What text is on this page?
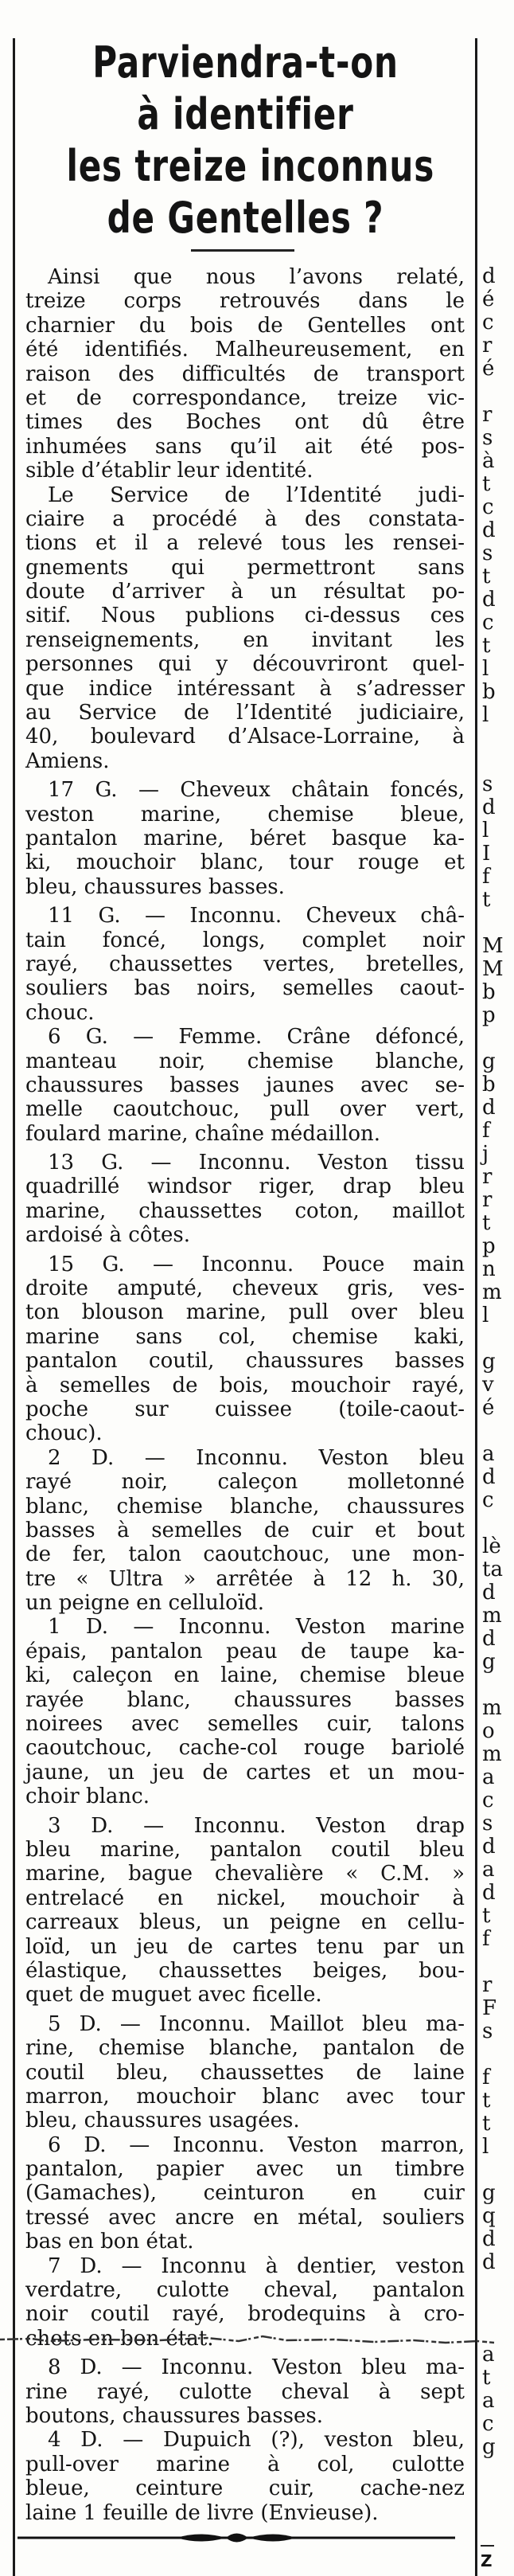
Parviendra-t-on
à identifier
les treize inconnus
de Gentelles ?
Ainsi que nous l’avons relaté,
treize corps retrouvés dans le
charnier du bois de Gentelles ont
été identifiés. Malheureusement, en
raison des difficultés de transport
et de correspondance, treize vic-
times des Boches ont dû être
inhumées sans qu’il ait été pos-
sible d’établir leur identité.
Le Service de l’Identité judi-
ciaire a procédé à des constata-
tions et il a relevé tous les rensei-
gnements qui permettront sans
doute d’arriver à un résultat po-
sitif. Nous publions ci-dessus ces
renseignements, en invitant les
personnes qui y découvriront quel-
que indice intéressant à s’adresser
au Service de l’Identité judiciaire,
40, boulevard d’Alsace-Lorraine, à
Amiens.
17 G. — Cheveux châtain foncés,
veston marine, chemise bleue,
pantalon marine, béret basque ka-
ki, mouchoir blanc, tour rouge et
bleu, chaussures basses.
11 G. — Inconnu. Cheveux châ-
tain foncé, longs, complet noir
rayé, chaussettes vertes, bretelles,
souliers bas noirs, semelles caout-
chouc.
6 G. — Femme. Crâne défoncé,
manteau noir, chemise blanche,
chaussures basses jaunes avec se-
melle caoutchouc, pull over vert,
foulard marine, chaîne médaillon.
13 G. — Inconnu. Veston tissu
quadrillé windsor riger, drap bleu
marine, chaussettes coton, maillot
ardoisé à côtes.
15 G. — Inconnu. Pouce main
droite amputé, cheveux gris, ves-
ton blouson marine, pull over bleu
marine sans col, chemise kaki,
pantalon coutil, chaussures basses
à semelles de bois, mouchoir rayé,
poche sur cuissee (toile-caout-
chouc).
2 D. — Inconnu. Veston bleu
rayé noir, caleçon molletonné
blanc, chemise blanche, chaussures
basses à semelles de cuir et bout
de fer, talon caoutchouc, une mon-
tre « Ultra » arrêtée à 12 h. 30,
un peigne en celluloïd.
1 D. — Inconnu. Veston marine
épais, pantalon peau de taupe ka-
ki, caleçon en laine, chemise bleue
rayée blanc, chaussures basses
noirees avec semelles cuir, talons
caoutchouc, cache-col rouge bariolé
jaune, un jeu de cartes et un mou-
choir blanc.
3 D. — Inconnu. Veston drap
bleu marine, pantalon coutil bleu
marine, bague chevalière « C.M. »
entrelacé en nickel, mouchoir à
carreaux bleus, un peigne en cellu-
loïd, un jeu de cartes tenu par un
élastique, chaussettes beiges, bou-
quet de muguet avec ficelle.
5 D. — Inconnu. Maillot bleu ma-
rine, chemise blanche, pantalon de
coutil bleu, chaussettes de laine
marron, mouchoir blanc avec tour
bleu, chaussures usagées.
6 D. — Inconnu. Veston marron,
pantalon, papier avec un timbre
(Gamaches), ceinturon en cuir
tressé avec ancre en métal, souliers
bas en bon état.
7 D. — Inconnu à dentier, veston
verdatre, culotte cheval, pantalon
noir coutil rayé, brodequins à cro-
chets en bon état.
8 D. — Inconnu. Veston bleu ma-
rine rayé, culotte cheval à sept
boutons, chaussures basses.
4 D. — Dupuich (?), veston bleu,
pull-over marine à col, culotte
bleue, ceinture cuir, cache-nez
laine 1 feuille de livre (Envieuse).
d
é
c
r
é
r
s
à
t
c
d
s
t
d
c
t
l
b
l
s
d
l
I
f
t
M
M
b
p
g
b
d
f
j
r
r
t
p
n
m
l
g
v
é
a
d
c
lè
ta
d
m
d
g
m
o
m
a
c
s
d
a
d
t
f
r
F
s
f
t
t
l
g
q
d
d
a
t
a
c
g
Z
